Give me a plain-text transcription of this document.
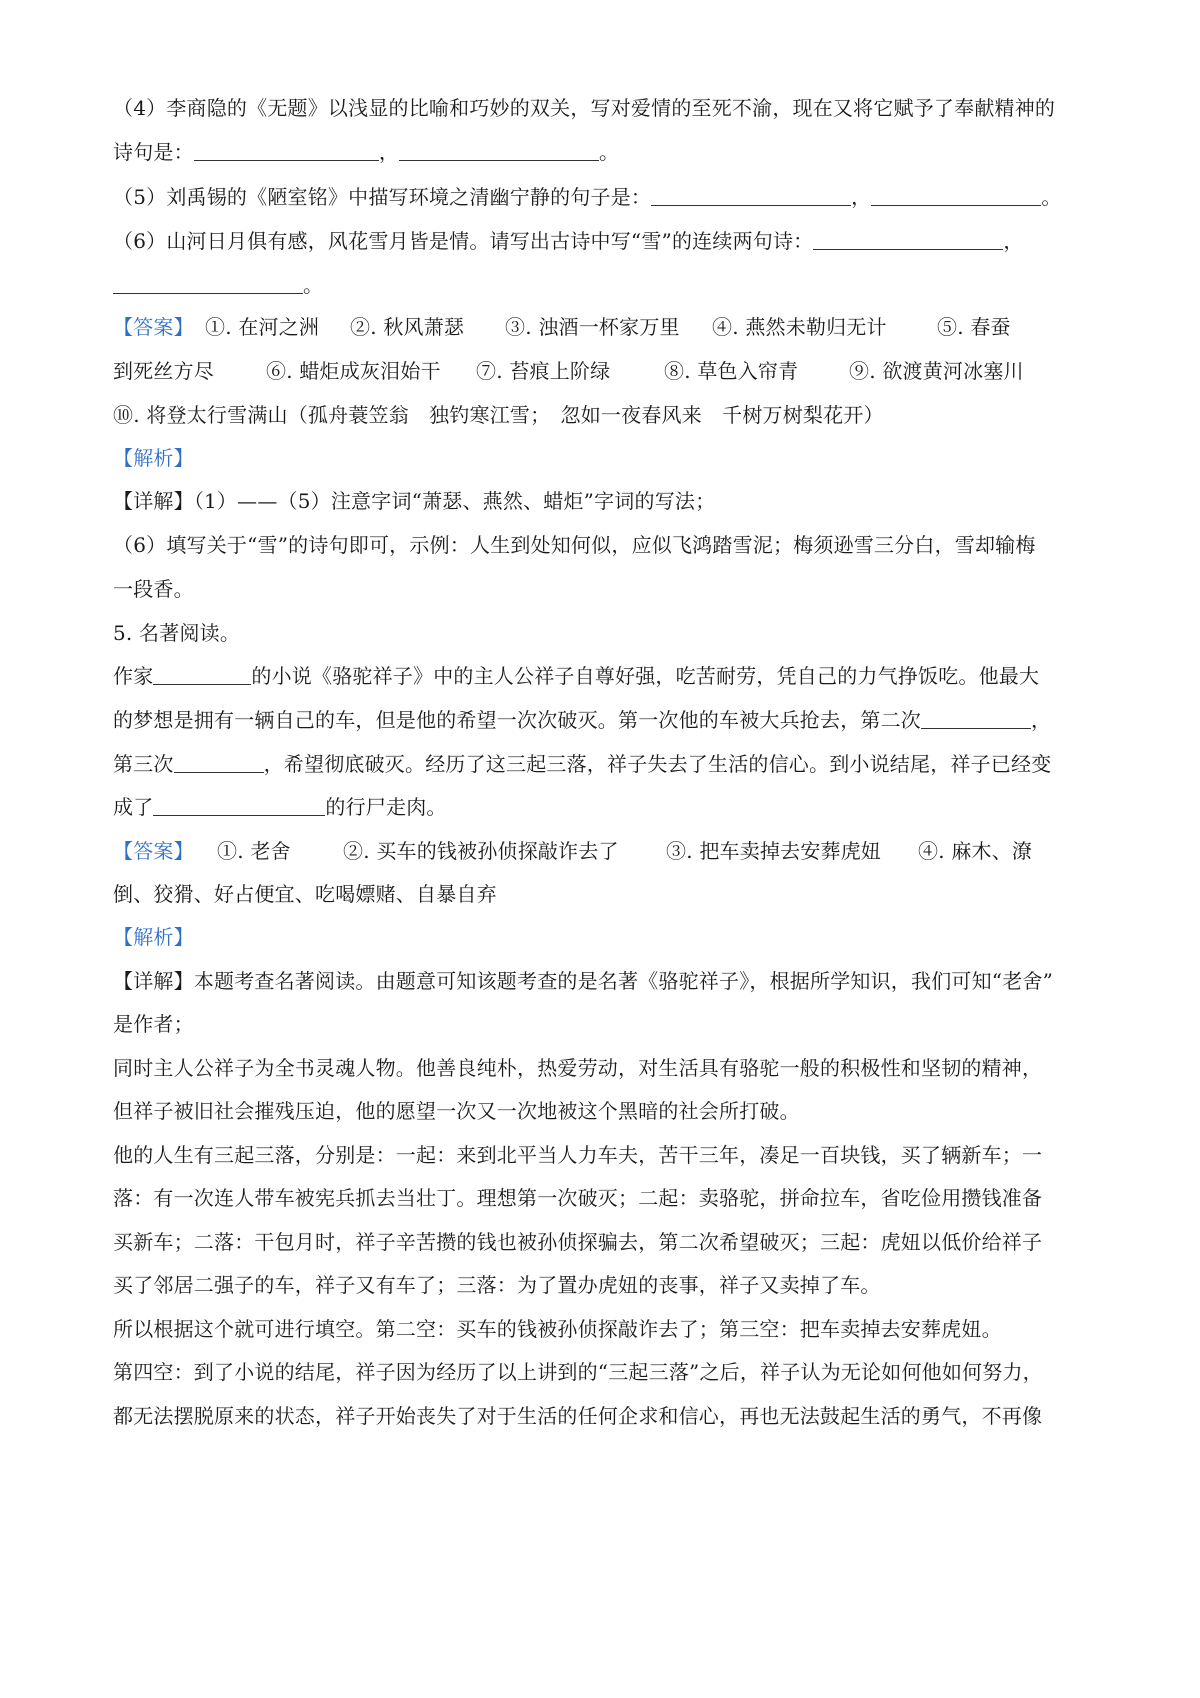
（4）李商隐的《无题》以浅显的比喻和巧妙的双关，写对爱情的至死不渝，现在又将它赋予了奉献精神的
诗句是：	，	。
（5）刘禹锡的《陋室铭》中描写环境之清幽宁静的句子是：	，	。
（6）山河日月俱有感，风花雪月皆是情。请写出古诗中写“雪”的连续两句诗：	，
。
【答案】 ①. 在河之洲 ②. 秋风萧瑟 ③. 浊酒一杯家万里 ④. 燕然未勒归无计	⑤. 春蚕
到死丝方尽	⑥. 蜡炬成灰泪始干 ⑦. 苔痕上阶绿	⑧. 草色入帘青	⑨. 欲渡黄河冰塞川
⑩. 将登太行雪满山（孤舟蓑笠翁　独钓寒江雪；　忽如一夜春风来　千树万树梨花开）
【解析】
【详解】（1）——（5）注意字词“萧瑟、燕然、蜡炬”字词的写法；
（6）填写关于“雪”的诗句即可，示例：人生到处知何似，应似飞鸿踏雪泥；梅须逊雪三分白，雪却输梅
一段香。
5. 名著阅读。
作家	的小说《骆驼祥子》中的主人公祥子自尊好强，吃苦耐劳，凭自己的力气挣饭吃。他最大
的梦想是拥有一辆自己的车，但是他的希望一次次破灭。第一次他的车被大兵抢去，第二次	，
第三次	，希望彻底破灭。经历了这三起三落，祥子失去了生活的信心。到小说结尾，祥子已经变
成了	的行尸走肉。
【答案】 ①. 老舍	②. 买车的钱被孙侦探敲诈去了 ③. 把车卖掉去安葬虎妞 ④. 麻木、潦
倒、狡猾、好占便宜、吃喝嫖赌、自暴自弃
【解析】
【详解】本题考查名著阅读。由题意可知该题考查的是名著《骆驼祥子》，根据所学知识，我们可知“老舍”
是作者；
同时主人公祥子为全书灵魂人物。他善良纯朴，热爱劳动，对生活具有骆驼一般的积极性和坚韧的精神，
但祥子被旧社会摧残压迫，他的愿望一次又一次地被这个黑暗的社会所打破。
他的人生有三起三落，分别是：一起：来到北平当人力车夫，苦干三年，凑足一百块钱，买了辆新车；一
落：有一次连人带车被宪兵抓去当壮丁。理想第一次破灭；二起：卖骆驼，拼命拉车，省吃俭用攒钱准备
买新车；二落：干包月时，祥子辛苦攒的钱也被孙侦探骗去，第二次希望破灭；三起：虎妞以低价给祥子
买了邻居二强子的车，祥子又有车了；三落：为了置办虎妞的丧事，祥子又卖掉了车。
所以根据这个就可进行填空。第二空：买车的钱被孙侦探敲诈去了；第三空：把车卖掉去安葬虎妞。
第四空：到了小说的结尾，祥子因为经历了以上讲到的“三起三落”之后，祥子认为无论如何他如何努力，
都无法摆脱原来的状态，祥子开始丧失了对于生活的任何企求和信心，再也无法鼓起生活的勇气，不再像
